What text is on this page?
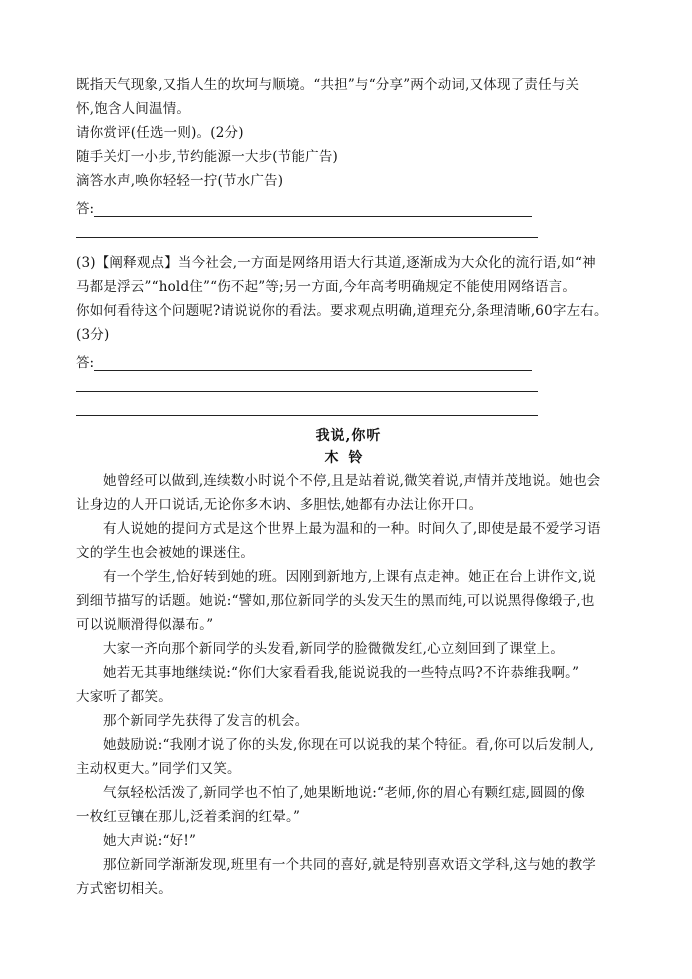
既指天气现象,又指人生的坎坷与顺境。“共担”与“分享”两个动词,又体现了责任与关
怀,饱含人间温情。
请你赏评(任选一则)。(2分)
随手关灯一小步,节约能源一大步(节能广告)
滴答水声,唤你轻轻一拧(节水广告)
答:
(3)【阐释观点】当今社会,一方面是网络用语大行其道,逐渐成为大众化的流行语,如“神
马都是浮云”“hold住”“伤不起”等;另一方面,今年高考明确规定不能使用网络语言。
你如何看待这个问题呢?请说说你的看法。要求观点明确,道理充分,条理清晰,60字左右。
(3分)
答:
我说,你听
木铃
她曾经可以做到,连续数小时说个不停,且是站着说,微笑着说,声情并茂地说。她也会
让身边的人开口说话,无论你多木讷、多胆怯,她都有办法让你开口。
有人说她的提问方式是这个世界上最为温和的一种。时间久了,即使是最不爱学习语
文的学生也会被她的课迷住。
有一个学生,恰好转到她的班。因刚到新地方,上课有点走神。她正在台上讲作文,说
到细节描写的话题。她说:“譬如,那位新同学的头发天生的黑而纯,可以说黑得像缎子,也
可以说顺滑得似瀑布。”
大家一齐向那个新同学的头发看,新同学的脸微微发红,心立刻回到了课堂上。
她若无其事地继续说:“你们大家看看我,能说说我的一些特点吗?不许恭维我啊。”
大家听了都笑。
那个新同学先获得了发言的机会。
她鼓励说:“我刚才说了你的头发,你现在可以说我的某个特征。看,你可以后发制人,
主动权更大。”同学们又笑。
气氛轻松活泼了,新同学也不怕了,她果断地说:“老师,你的眉心有颗红痣,圆圆的像
一枚红豆镶在那儿,泛着柔润的红晕。”
她大声说:“好!”
那位新同学渐渐发现,班里有一个共同的喜好,就是特别喜欢语文学科,这与她的教学
方式密切相关。
